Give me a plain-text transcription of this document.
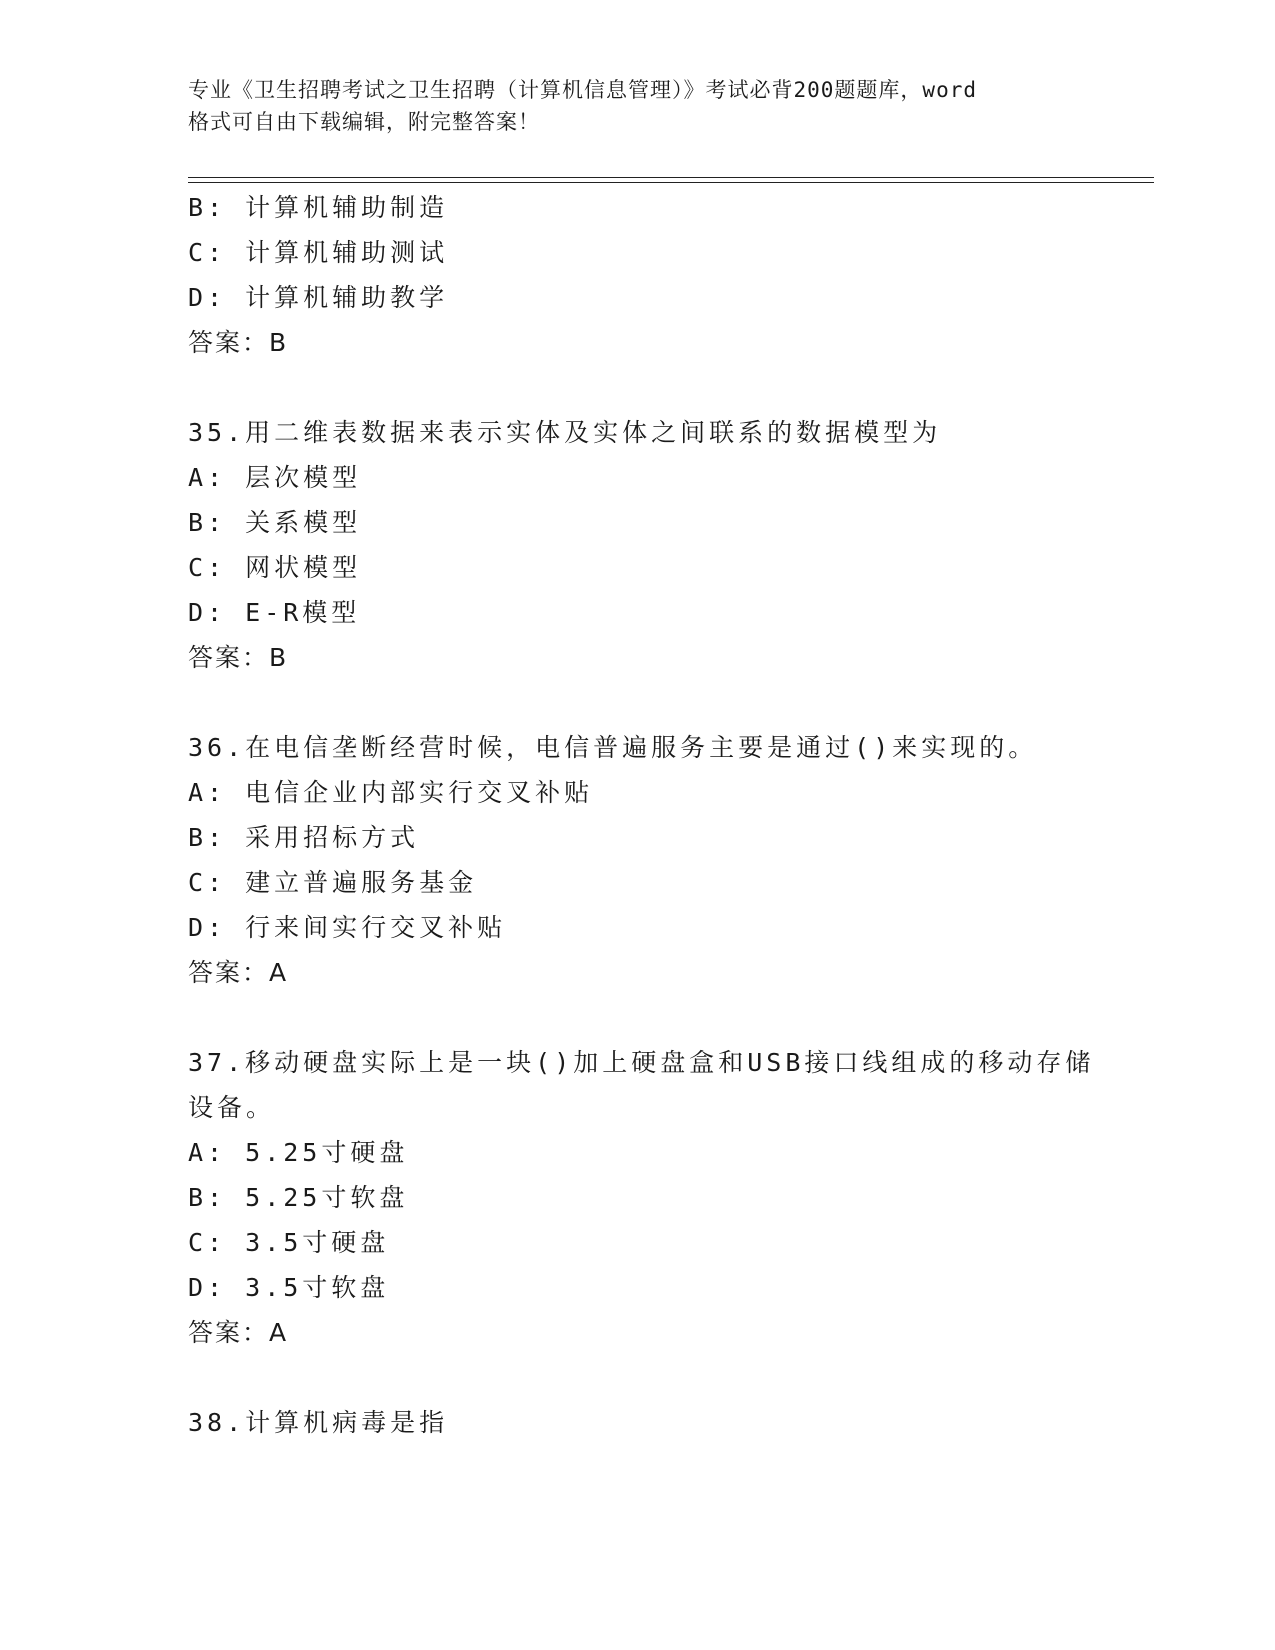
专业《卫生招聘考试之卫生招聘（计算机信息管理）》考试必背200题题库，word
格式可自由下载编辑，附完整答案！
B: 计算机辅助制造
C: 计算机辅助测试
D: 计算机辅助教学
答案：B
35.用二维表数据来表示实体及实体之间联系的数据模型为
A: 层次模型
B: 关系模型
C: 网状模型
D: E-R模型
答案：B
36.在电信垄断经营时候，电信普遍服务主要是通过()来实现的。
A: 电信企业内部实行交叉补贴
B: 采用招标方式
C: 建立普遍服务基金
D: 行来间实行交叉补贴
答案：A
37.移动硬盘实际上是一块()加上硬盘盒和USB接口线组成的移动存储
设备。
A: 5.25寸硬盘
B: 5.25寸软盘
C: 3.5寸硬盘
D: 3.5寸软盘
答案：A
38.计算机病毒是指
